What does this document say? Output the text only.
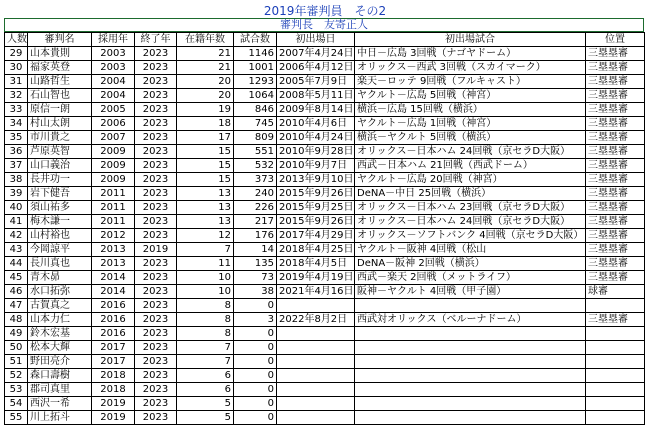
2019年審判員　その2
審判長　友寄正人
人数	審判名	採用年	終了年	在籍年数	試合数	初出場日	初出場試合	位置
29	山本貴則	2003	2023	21	1146	2007年4月24日	中日－広島 3回戦（ナゴヤドーム）	三塁塁審
30	福家英登	2003	2023	21	1001	2006年4月12日	オリックス－西武 3回戦（スカイマーク）	三塁塁審
31	山路哲生	2004	2023	20	1293	2005年7月9日	楽天－ロッテ 9回戦（フルキャスト）	三塁塁審
32	石山智也	2004	2023	20	1064	2008年5月11日	ヤクルト－広島 5回戦（神宮）	三塁塁審
33	原信一朗	2005	2023	19	846	2009年8月14日	横浜－広島 15回戦（横浜）	三塁塁審
34	村山太朗	2006	2023	18	745	2010年4月6日	ヤクルト－広島 1回戦（神宮）	三塁塁審
35	市川貴之	2007	2023	17	809	2010年4月24日	横浜－ヤクルト 5回戦（横浜）	三塁塁審
36	芦原英智	2009	2023	15	551	2010年9月28日	オリックス－日本ハム 24回戦（京セラD大阪）	三塁塁審
37	山口義治	2009	2023	15	532	2010年9月7日	西武－日本ハム 21回戦（西武ドーム）	三塁塁審
38	長井功一	2009	2023	15	373	2013年9月10日	ヤクルト－広島 20回戦（神宮）	三塁塁審
39	岩下健吾	2011	2023	13	240	2015年9月26日	DeNA－中日 25回戦（横浜）	三塁塁審
40	須山祐多	2011	2023	13	226	2015年9月25日	オリックス－日本ハム 23回戦（京セラD大阪）	三塁塁審
41	梅木謙一	2011	2023	13	217	2015年9月26日	オリックス－日本ハム 24回戦（京セラD大阪）	三塁塁審
42	山村裕也	2012	2023	12	176	2017年4月29日	オリックス－ソフトバンク 4回戦（京セラD大阪）	三塁塁審
43	今岡諒平	2013	2019	7	14	2018年4月25日	ヤクルト－阪神 4回戦（松山	三塁塁審
44	長川真也	2013	2023	11	135	2018年4月5日	DeNA－阪神 2回戦（横浜）	三塁塁審
45	青木昴	2014	2023	10	73	2019年4月19日	西武－楽天 2回戦（メットライフ）	三塁塁審
46	水口拓弥	2014	2023	10	38	2021年4月16日	阪神－ヤクルト 4回戦（甲子園）	球審
47	古賀真之	2016	2023	8	0			
48	山本力仁	2016	2023	8	3	2022年8月2日	西武対オリックス（ベルーナドーム）	三塁塁審
49	鈴木宏基	2016	2023	8	0			
50	松本大輝	2017	2023	7	0			
51	野田亮介	2017	2023	7	0			
52	森口壽樹	2018	2023	6	0			
53	郡司真里	2018	2023	6	0			
54	西沢一希	2019	2023	5	0			
55	川上拓斗	2019	2023	5	0			
